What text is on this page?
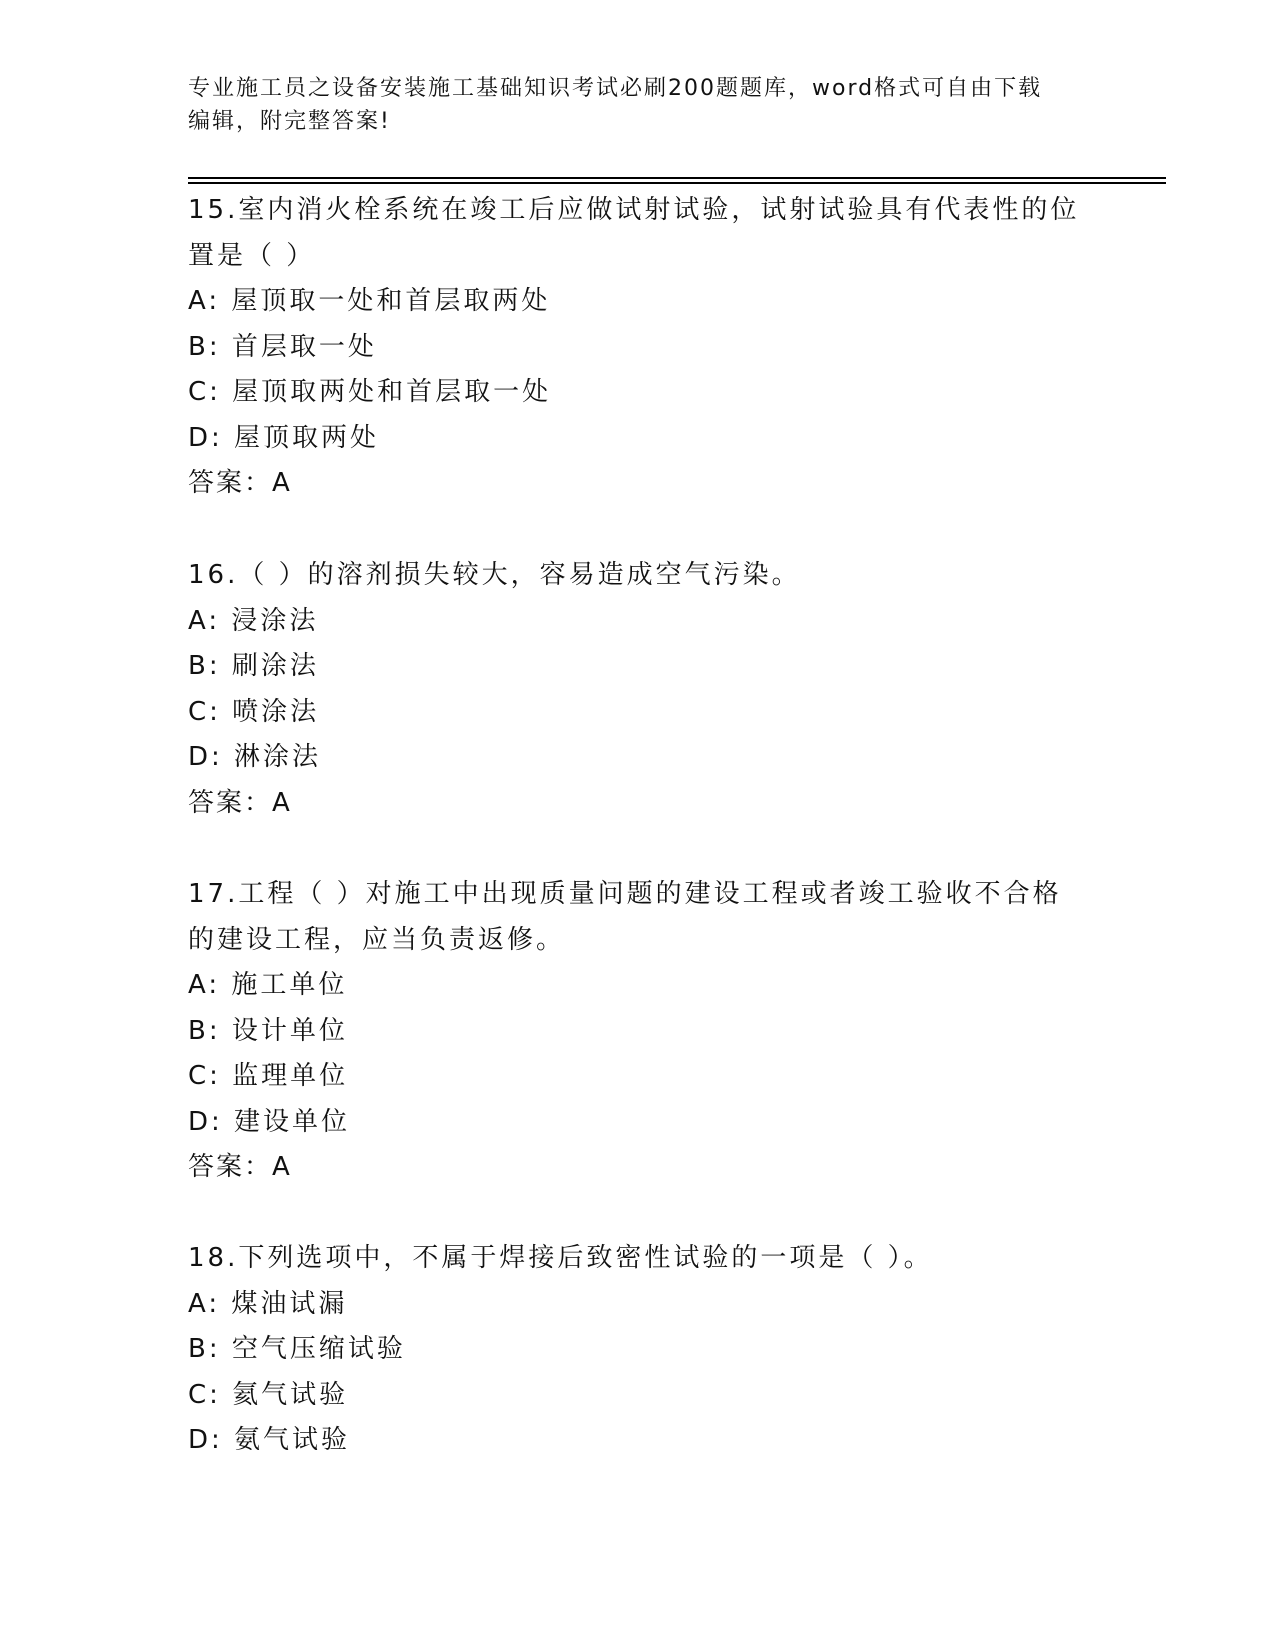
专业施工员之设备安装施工基础知识考试必刷200题题库，word格式可自由下载
编辑，附完整答案!
15.室内消火栓系统在竣工后应做试射试验，试射试验具有代表性的位
置是（ ）
A: 屋顶取一处和首层取两处
B: 首层取一处
C: 屋顶取两处和首层取一处
D: 屋顶取两处
答案：A
16.（ ）的溶剂损失较大，容易造成空气污染。
A: 浸涂法
B: 刷涂法
C: 喷涂法
D: 淋涂法
答案：A
17.工程（ ）对施工中出现质量问题的建设工程或者竣工验收不合格
的建设工程，应当负责返修。
A: 施工单位
B: 设计单位
C: 监理单位
D: 建设单位
答案：A
18.下列选项中，不属于焊接后致密性试验的一项是（ ）。
A: 煤油试漏
B: 空气压缩试验
C: 氦气试验
D: 氨气试验
